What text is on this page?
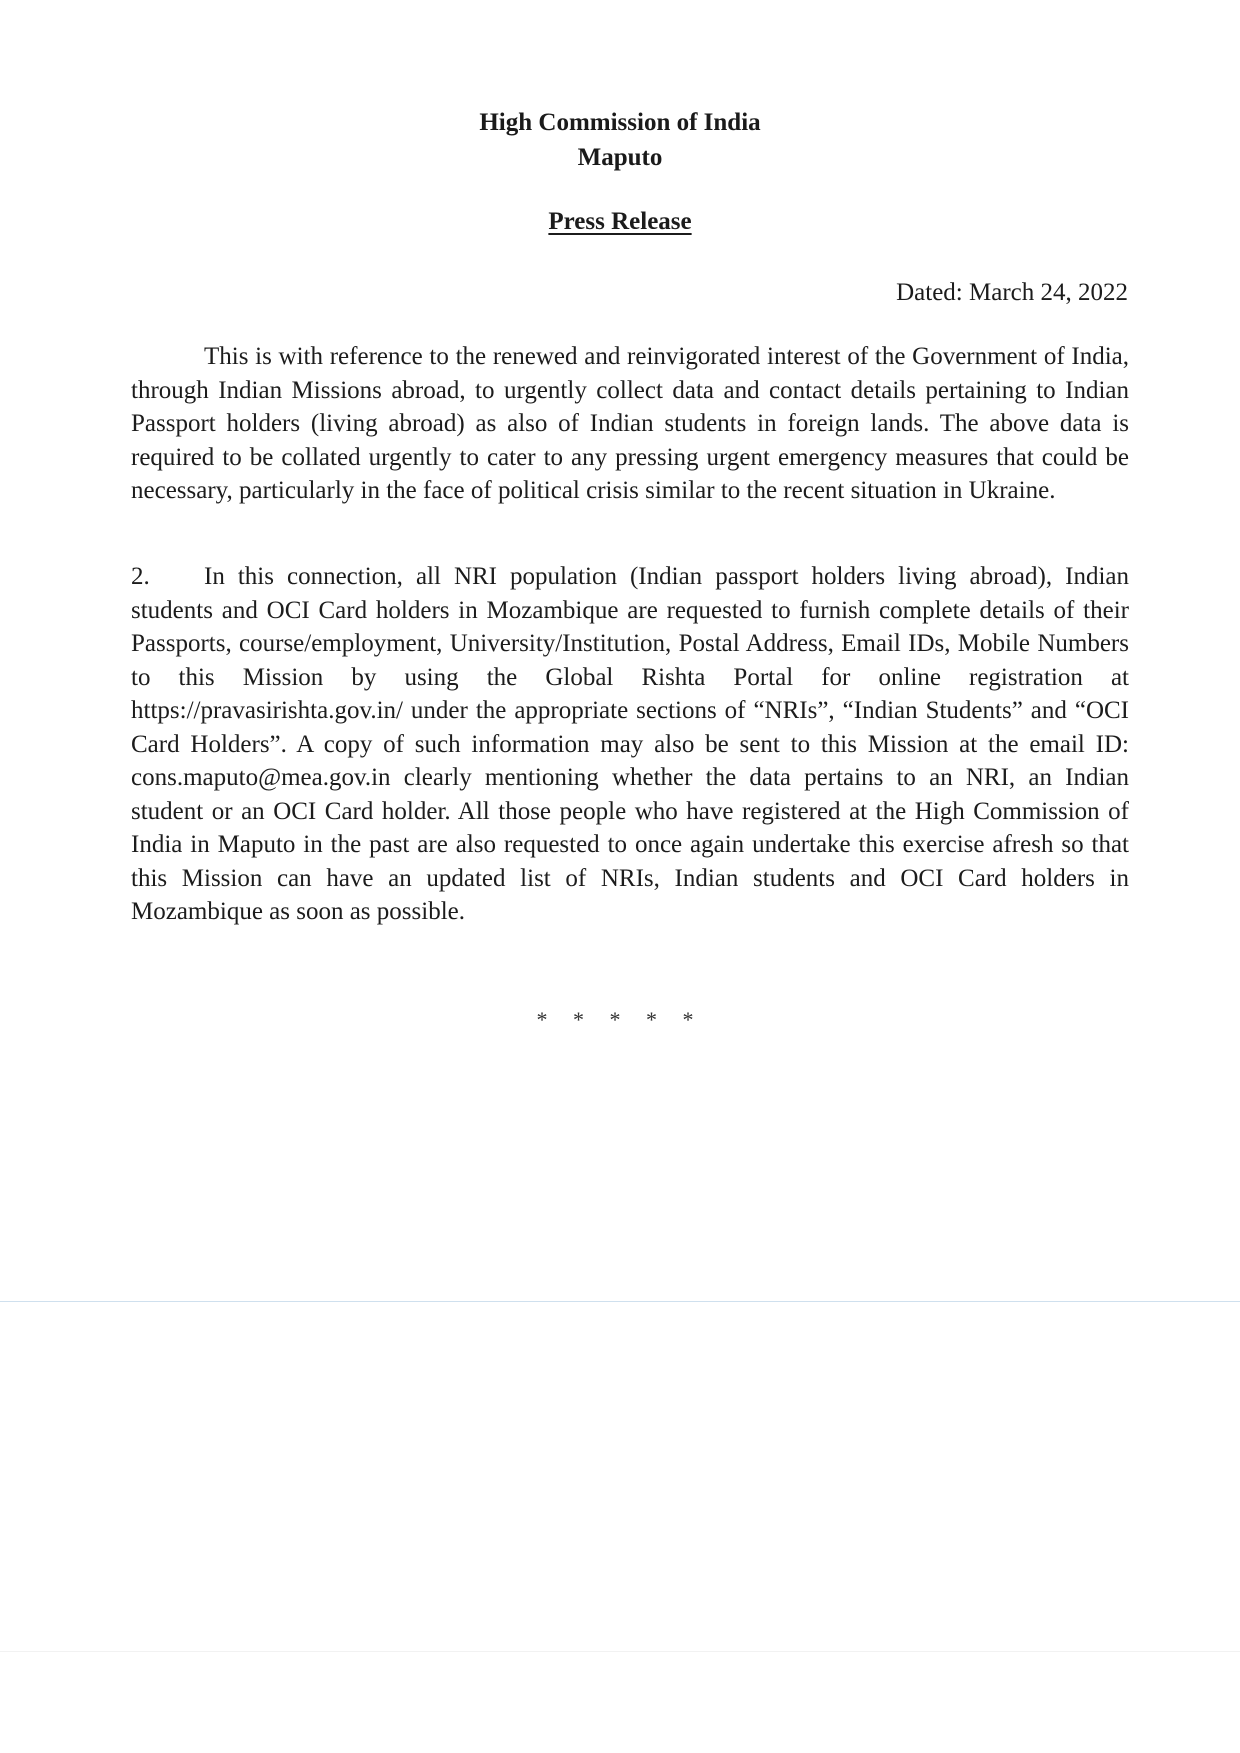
High Commission of India
Maputo
Press Release
Dated: March 24, 2022

This is with reference to the renewed and reinvigorated interest of the Government of India, through Indian Missions abroad, to urgently collect data and contact details pertaining to Indian Passport holders (living abroad) as also of Indian students in foreign lands. The above data is required to be collated urgently to cater to any pressing urgent emergency measures that could be necessary, particularly in the face of political crisis similar to the recent situation in Ukraine.

2. In this connection, all NRI population (Indian passport holders living abroad), Indian students and OCI Card holders in Mozambique are requested to furnish complete details of their Passports, course/employment, University/Institution, Postal Address, Email IDs, Mobile Numbers to this Mission by using the Global Rishta Portal for online registration at https://pravasirishta.gov.in/ under the appropriate sections of “NRIs”, “Indian Students” and “OCI Card Holders”. A copy of such information may also be sent to this Mission at the email ID: cons.maputo@mea.gov.in clearly mentioning whether the data pertains to an NRI, an Indian student or an OCI Card holder. All those people who have registered at the High Commission of India in Maputo in the past are also requested to once again undertake this exercise afresh so that this Mission can have an updated list of NRIs, Indian students and OCI Card holders in Mozambique as soon as possible.

* * * * *
